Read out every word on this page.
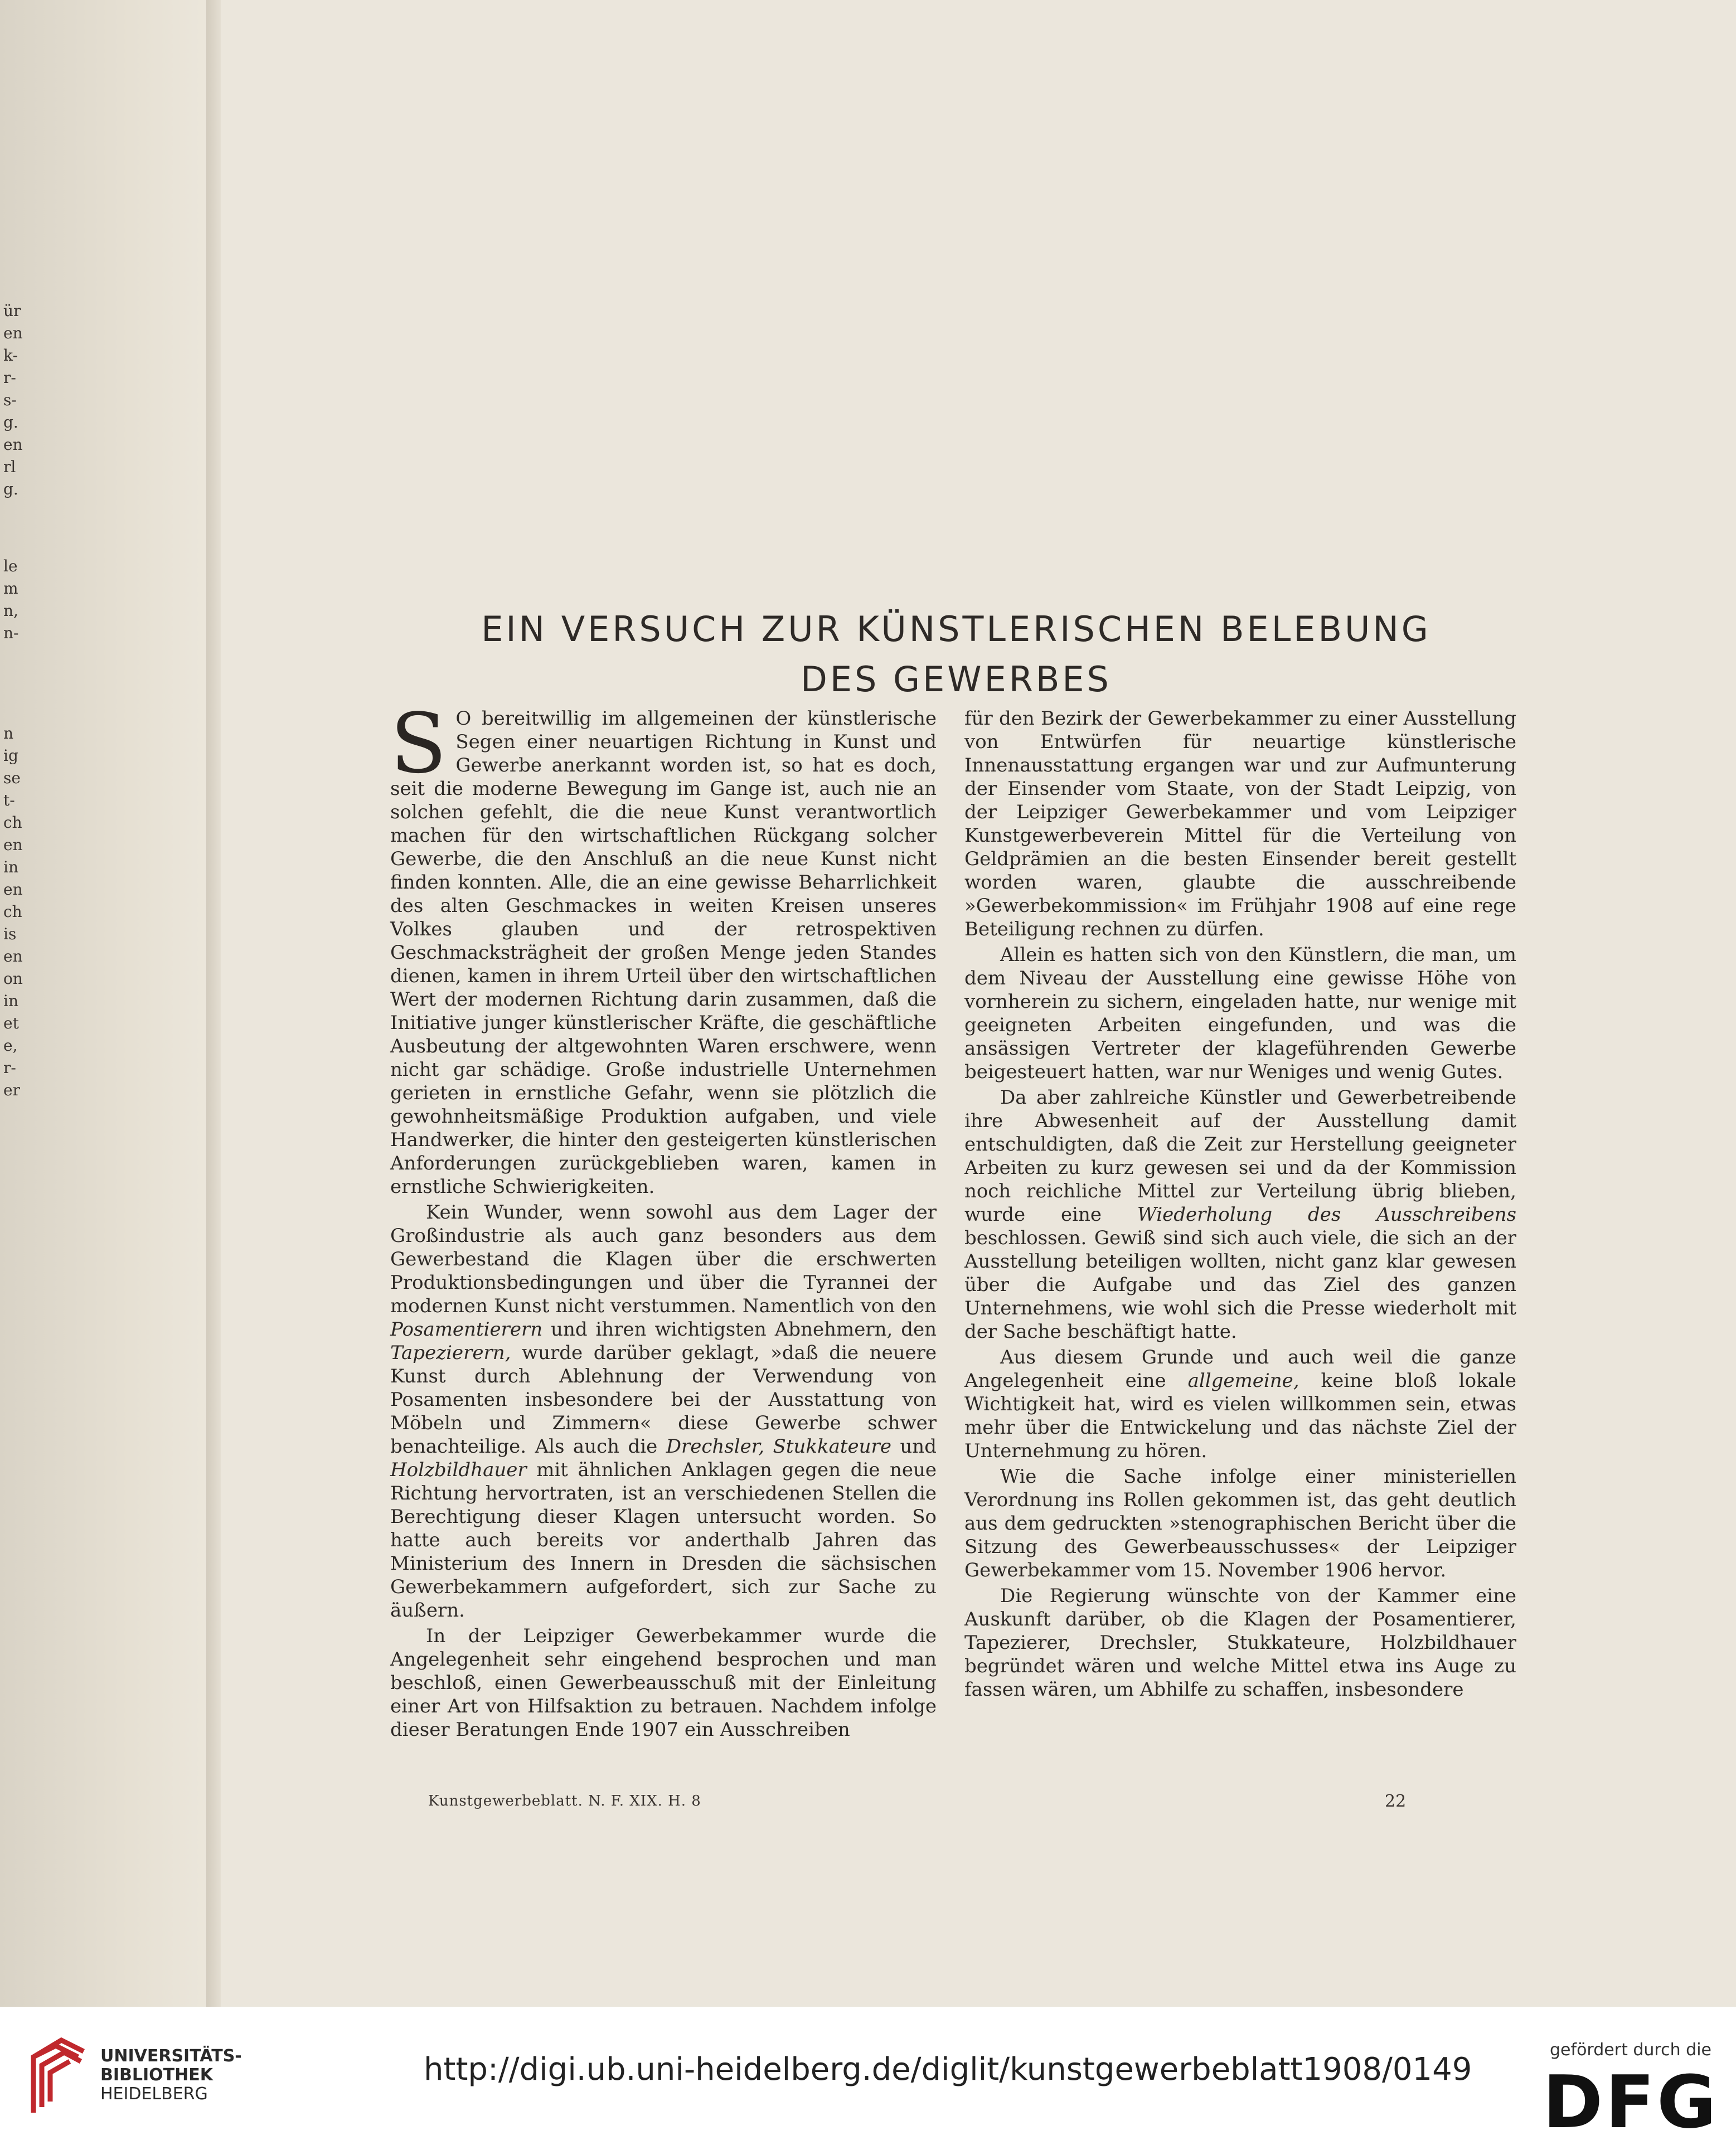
ür
en
k-
r-
s-
g.
en
rl
g.
le
m
n,
n-
n
ig
se
t-
ch
en
in
en
ch
is
en
on
in
et
e,
r-
er
EIN VERSUCH ZUR KÜNSTLERISCHEN BELEBUNG
DES GEWERBES

S O bereitwillig im allgemeinen der künstlerische Segen einer neuartigen Richtung in Kunst und Gewerbe anerkannt worden ist, so hat es doch, seit die moderne Bewegung im Gange ist, auch nie an solchen gefehlt, die die neue Kunst verantwortlich machen für den wirtschaftlichen Rückgang solcher Gewerbe, die den Anschluß an die neue Kunst nicht finden konnten. Alle, die an eine gewisse Beharrlichkeit des alten Geschmackes in weiten Kreisen unseres Volkes glauben und der retrospektiven Geschmacksträgheit der großen Menge jeden Standes dienen, kamen in ihrem Urteil über den wirtschaftlichen Wert der modernen Richtung darin zusammen, daß die Initiative junger künstlerischer Kräfte, die geschäftliche Ausbeutung der altgewohnten Waren erschwere, wenn nicht gar schädige. Große industrielle Unternehmen gerieten in ernstliche Gefahr, wenn sie plötzlich die gewohnheitsmäßige Produktion aufgaben, und viele Handwerker, die hinter den gesteigerten künstlerischen Anforderungen zurückgeblieben waren, kamen in ernstliche Schwierigkeiten.

Kein Wunder, wenn sowohl aus dem Lager der Großindustrie als auch ganz besonders aus dem Gewerbestand die Klagen über die erschwerten Produktionsbedingungen und über die Tyrannei der modernen Kunst nicht verstummen. Namentlich von den Posamentierern und ihren wichtigsten Abnehmern, den Tapezierern, wurde darüber geklagt, »daß die neuere Kunst durch Ablehnung der Verwendung von Posamenten insbesondere bei der Ausstattung von Möbeln und Zimmern« diese Gewerbe schwer benachteilige. Als auch die Drechsler, Stukkateure und Holzbildhauer mit ähnlichen Anklagen gegen die neue Richtung hervortraten, ist an verschiedenen Stellen die Berechtigung dieser Klagen untersucht worden. So hatte auch bereits vor anderthalb Jahren das Ministerium des Innern in Dresden die sächsischen Gewerbekammern aufgefordert, sich zur Sache zu äußern.

In der Leipziger Gewerbekammer wurde die Angelegenheit sehr eingehend besprochen und man beschloß, einen Gewerbeausschuß mit der Einleitung einer Art von Hilfsaktion zu betrauen. Nachdem infolge dieser Beratungen Ende 1907 ein Ausschreiben

für den Bezirk der Gewerbekammer zu einer Ausstellung von Entwürfen für neuartige künstlerische Innenausstattung ergangen war und zur Aufmunterung der Einsender vom Staate, von der Stadt Leipzig, von der Leipziger Gewerbekammer und vom Leipziger Kunstgewerbeverein Mittel für die Verteilung von Geldprämien an die besten Einsender bereit gestellt worden waren, glaubte die ausschreibende »Gewerbekommission« im Frühjahr 1908 auf eine rege Beteiligung rechnen zu dürfen.

Allein es hatten sich von den Künstlern, die man, um dem Niveau der Ausstellung eine gewisse Höhe von vornherein zu sichern, eingeladen hatte, nur wenige mit geeigneten Arbeiten eingefunden, und was die ansässigen Vertreter der klageführenden Gewerbe beigesteuert hatten, war nur Weniges und wenig Gutes.

Da aber zahlreiche Künstler und Gewerbetreibende ihre Abwesenheit auf der Ausstellung damit entschuldigten, daß die Zeit zur Herstellung geeigneter Arbeiten zu kurz gewesen sei und da der Kommission noch reichliche Mittel zur Verteilung übrig blieben, wurde eine Wiederholung des Ausschreibens beschlossen. Gewiß sind sich auch viele, die sich an der Ausstellung beteiligen wollten, nicht ganz klar gewesen über die Aufgabe und das Ziel des ganzen Unternehmens, wie wohl sich die Presse wiederholt mit der Sache beschäftigt hatte.

Aus diesem Grunde und auch weil die ganze Angelegenheit eine allgemeine, keine bloß lokale Wichtigkeit hat, wird es vielen willkommen sein, etwas mehr über die Entwickelung und das nächste Ziel der Unternehmung zu hören.

Wie die Sache infolge einer ministeriellen Verordnung ins Rollen gekommen ist, das geht deutlich aus dem gedruckten »stenographischen Bericht über die Sitzung des Gewerbeausschusses« der Leipziger Gewerbekammer vom 15. November 1906 hervor.

Die Regierung wünschte von der Kammer eine Auskunft darüber, ob die Klagen der Posamentierer, Tapezierer, Drechsler, Stukkateure, Holzbildhauer begründet wären und welche Mittel etwa ins Auge zu fassen wären, um Abhilfe zu schaffen, insbesondere

Kunstgewerbeblatt. N. F. XIX. H. 8	22
UNIVERSITÄTS-
BIBLIOTHEK
HEIDELBERG
http://digi.ub.uni-heidelberg.de/diglit/kunstgewerbeblatt1908/0149
gefördert durch die
DFG
